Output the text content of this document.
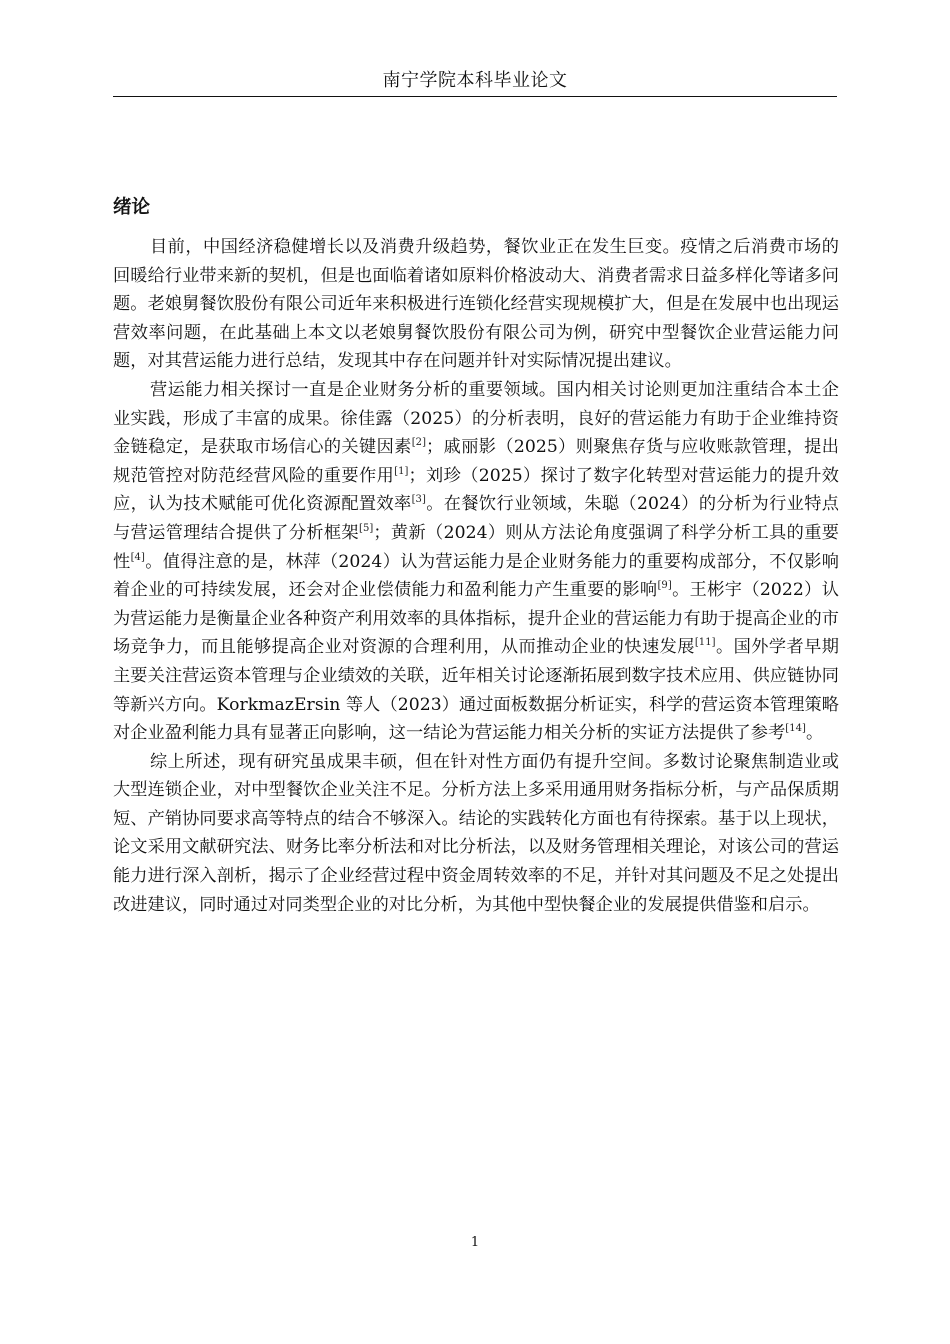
南宁学院本科毕业论文
绪论

目前，中国经济稳健增长以及消费升级趋势，餐饮业正在发生巨变。疫情之后消费市场的回暖给行业带来新的契机，但是也面临着诸如原料价格波动大、消费者需求日益多样化等诸多问题。老娘舅餐饮股份有限公司近年来积极进行连锁化经营实现规模扩大，但是在发展中也出现运营效率问题，在此基础上本文以老娘舅餐饮股份有限公司为例，研究中型餐饮企业营运能力问题，对其营运能力进行总结，发现其中存在问题并针对实际情况提出建议。

营运能力相关探讨一直是企业财务分析的重要领域。国内相关讨论则更加注重结合本土企业实践，形成了丰富的成果。徐佳露（2025）的分析表明，良好的营运能力有助于企业维持资金链稳定，是获取市场信心的关键因素[2]；戚丽影（2025）则聚焦存货与应收账款管理，提出规范管控对防范经营风险的重要作用[1]；刘珍（2025）探讨了数字化转型对营运能力的提升效应，认为技术赋能可优化资源配置效率[3]。在餐饮行业领域，朱聪（2024）的分析为行业特点与营运管理结合提供了分析框架[5]；黄新（2024）则从方法论角度强调了科学分析工具的重要性[4]。值得注意的是，林萍（2024）认为营运能力是企业财务能力的重要构成部分，不仅影响着企业的可持续发展，还会对企业偿债能力和盈利能力产生重要的影响[9]。王彬宇（2022）认为营运能力是衡量企业各种资产利用效率的具体指标，提升企业的营运能力有助于提高企业的市场竞争力，而且能够提高企业对资源的合理利用，从而推动企业的快速发展[11]。国外学者早期主要关注营运资本管理与企业绩效的关联，近年相关讨论逐渐拓展到数字技术应用、供应链协同等新兴方向。KorkmazErsin 等人（2023）通过面板数据分析证实，科学的营运资本管理策略对企业盈利能力具有显著正向影响，这一结论为营运能力相关分析的实证方法提供了参考[14]。

综上所述，现有研究虽成果丰硕，但在针对性方面仍有提升空间。多数讨论聚焦制造业或大型连锁企业，对中型餐饮企业关注不足。分析方法上多采用通用财务指标分析，与产品保质期短、产销协同要求高等特点的结合不够深入。结论的实践转化方面也有待探索。基于以上现状，论文采用文献研究法、财务比率分析法和对比分析法，以及财务管理相关理论，对该公司的营运能力进行深入剖析，揭示了企业经营过程中资金周转效率的不足，并针对其问题及不足之处提出改进建议，同时通过对同类型企业的对比分析，为其他中型快餐企业的发展提供借鉴和启示。

1
